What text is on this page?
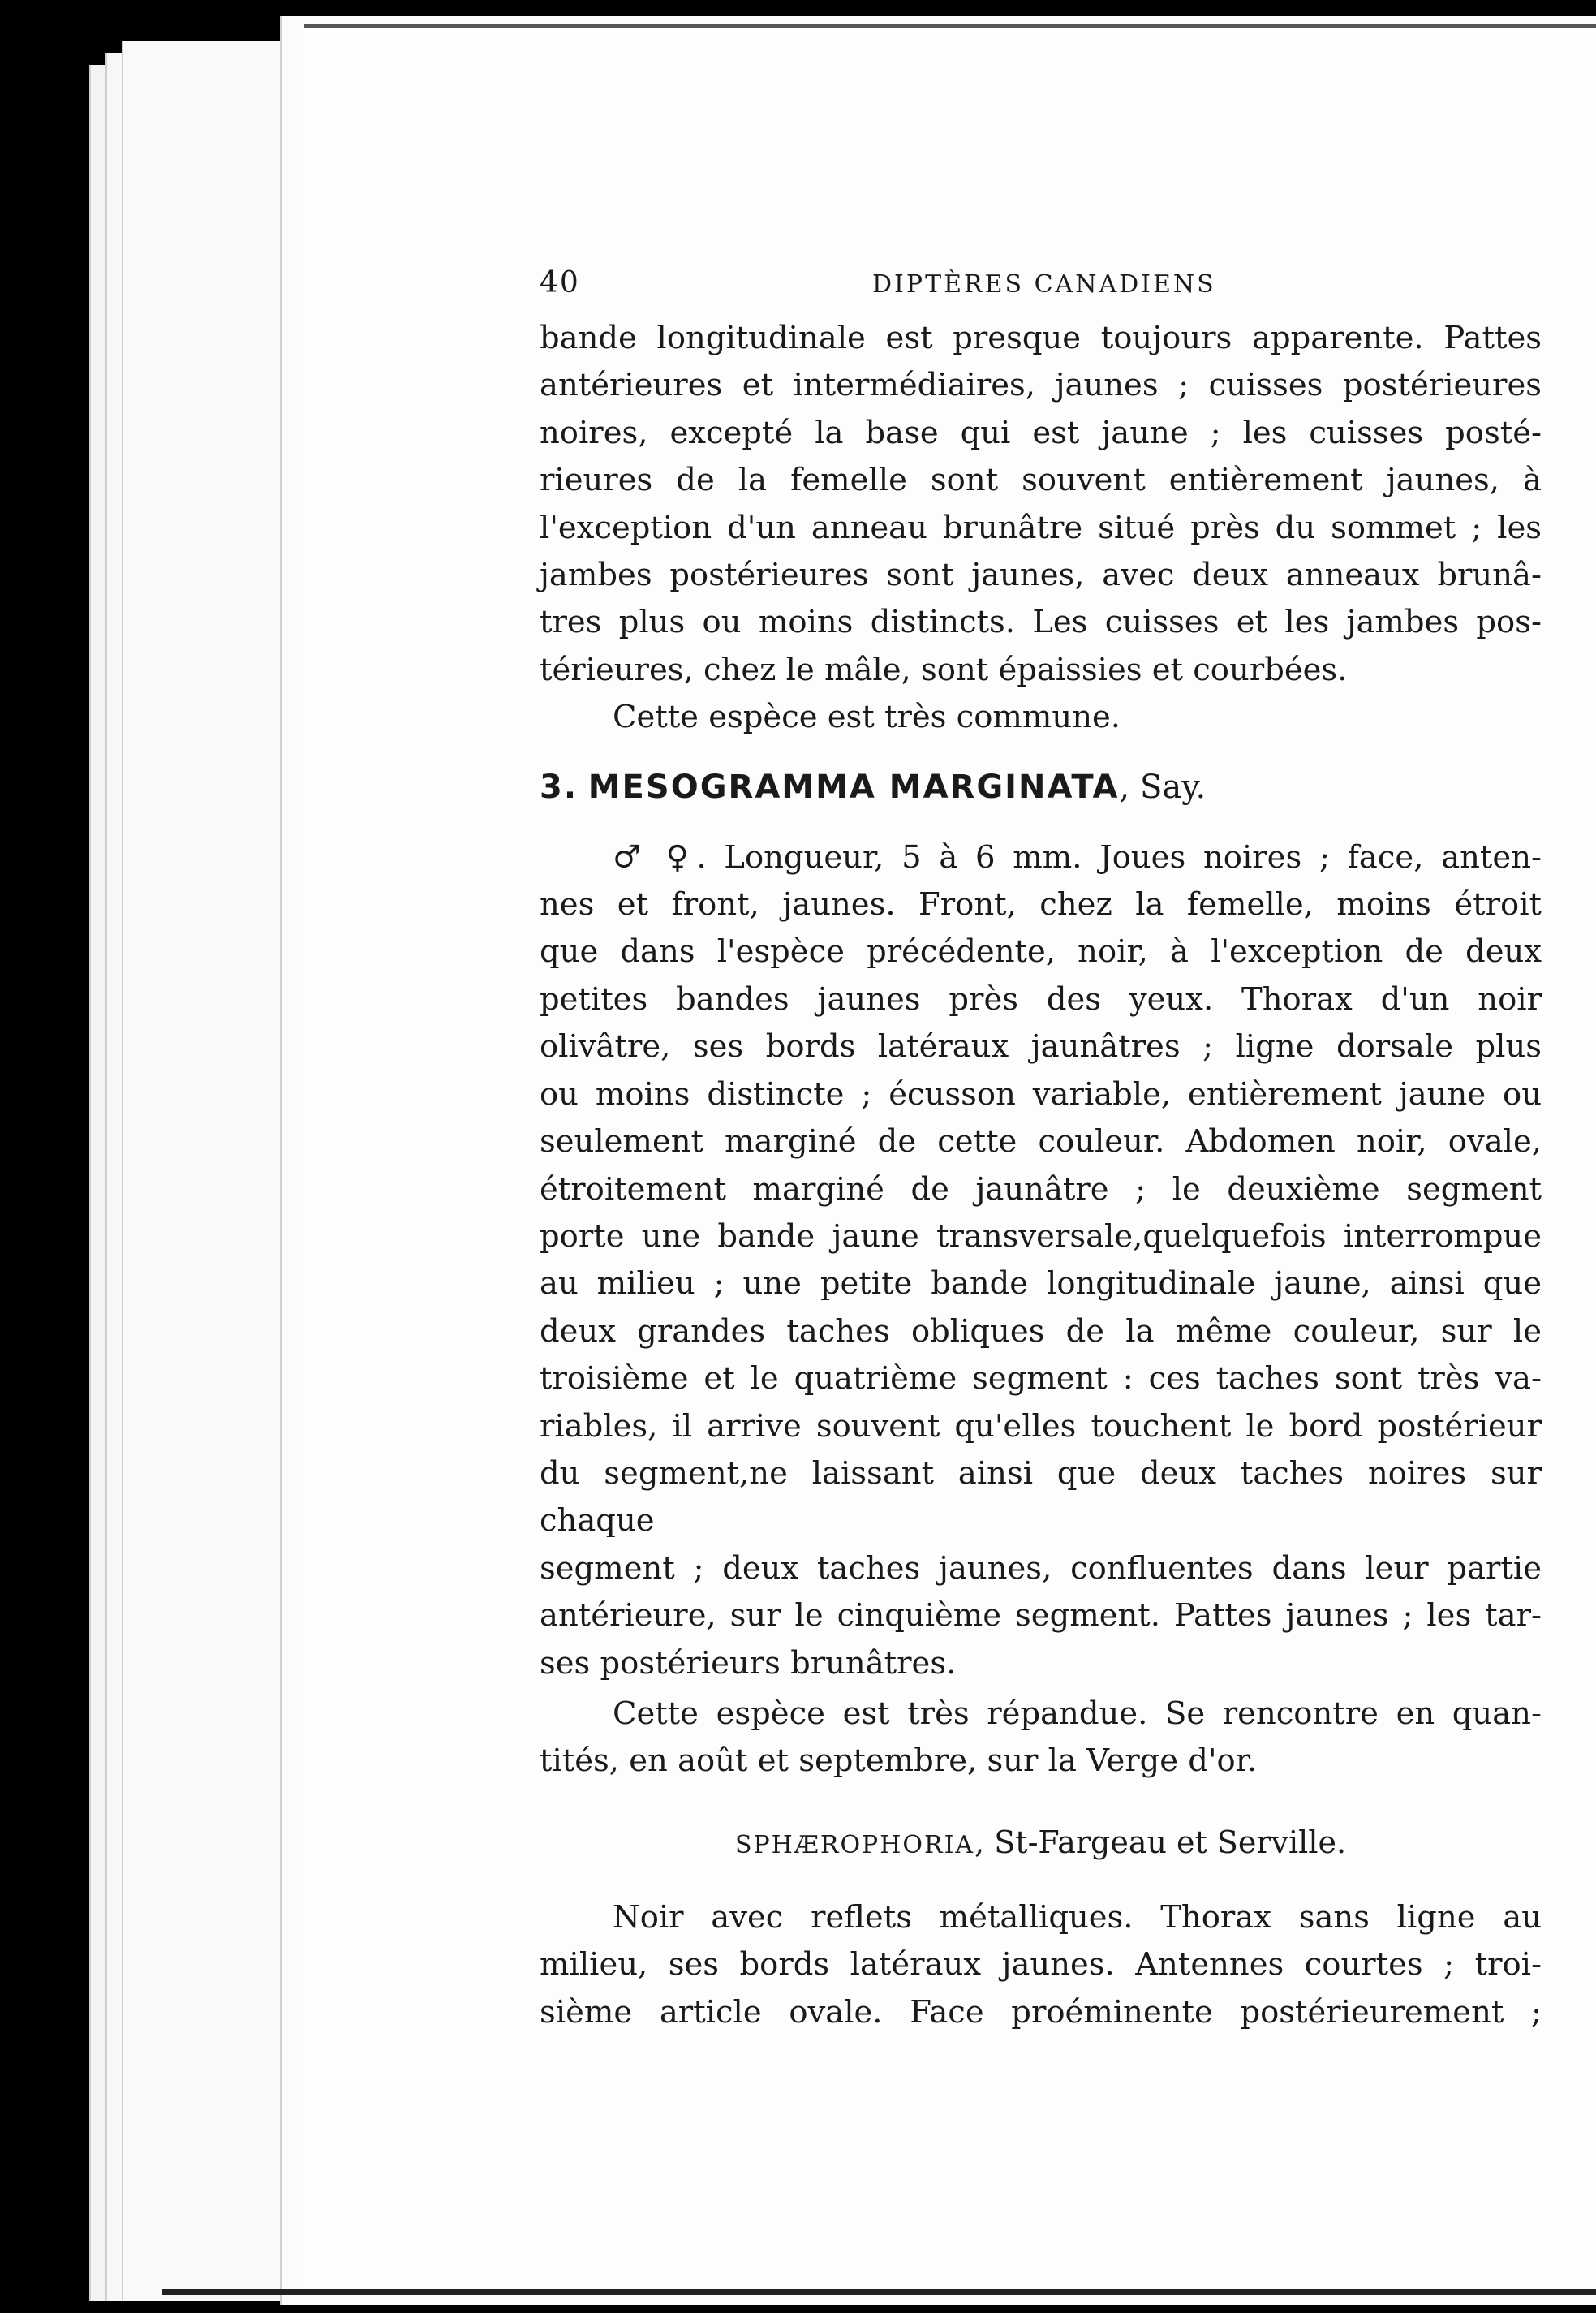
40	DIPTÈRES CANADIENS

bande longitudinale est presque toujours apparente. Pattes

antérieures et intermédiaires, jaunes ; cuisses postérieures

noires, excepté la base qui est jaune ; les cuisses posté-

rieures de la femelle sont souvent entièrement jaunes, à

l'exception d'un anneau brunâtre situé près du sommet ; les

jambes postérieures sont jaunes, avec deux anneaux brunâ-

tres plus ou moins distincts. Les cuisses et les jambes pos-

térieures, chez le mâle, sont épaissies et courbées.

Cette espèce est très commune.

3. MESOGRAMMA MARGINATA, Say.

♂ ♀. Longueur, 5 à 6 mm. Joues noires ; face, anten-

nes et front, jaunes. Front, chez la femelle, moins étroit

que dans l'espèce précédente, noir, à l'exception de deux

petites bandes jaunes près des yeux. Thorax d'un noir

olivâtre, ses bords latéraux jaunâtres ; ligne dorsale plus

ou moins distincte ; écusson variable, entièrement jaune ou

seulement marginé de cette couleur. Abdomen noir, ovale,

étroitement marginé de jaunâtre ; le deuxième segment

porte une bande jaune transversale,quelquefois interrompue

au milieu ; une petite bande longitudinale jaune, ainsi que

deux grandes taches obliques de la même couleur, sur le

troisième et le quatrième segment : ces taches sont très va-

riables, il arrive souvent qu'elles touchent le bord postérieur

du segment,ne laissant ainsi que deux taches noires sur chaque

segment ; deux taches jaunes, confluentes dans leur partie

antérieure, sur le cinquième segment. Pattes jaunes ; les tar-

ses postérieurs brunâtres.

Cette espèce est très répandue. Se rencontre en quan-

tités, en août et septembre, sur la Verge d'or.

SPHÆROPHORIA, St-Fargeau et Serville.

Noir avec reflets métalliques. Thorax sans ligne au

milieu, ses bords latéraux jaunes. Antennes courtes ; troi-

sième article ovale. Face proéminente postérieurement ;
